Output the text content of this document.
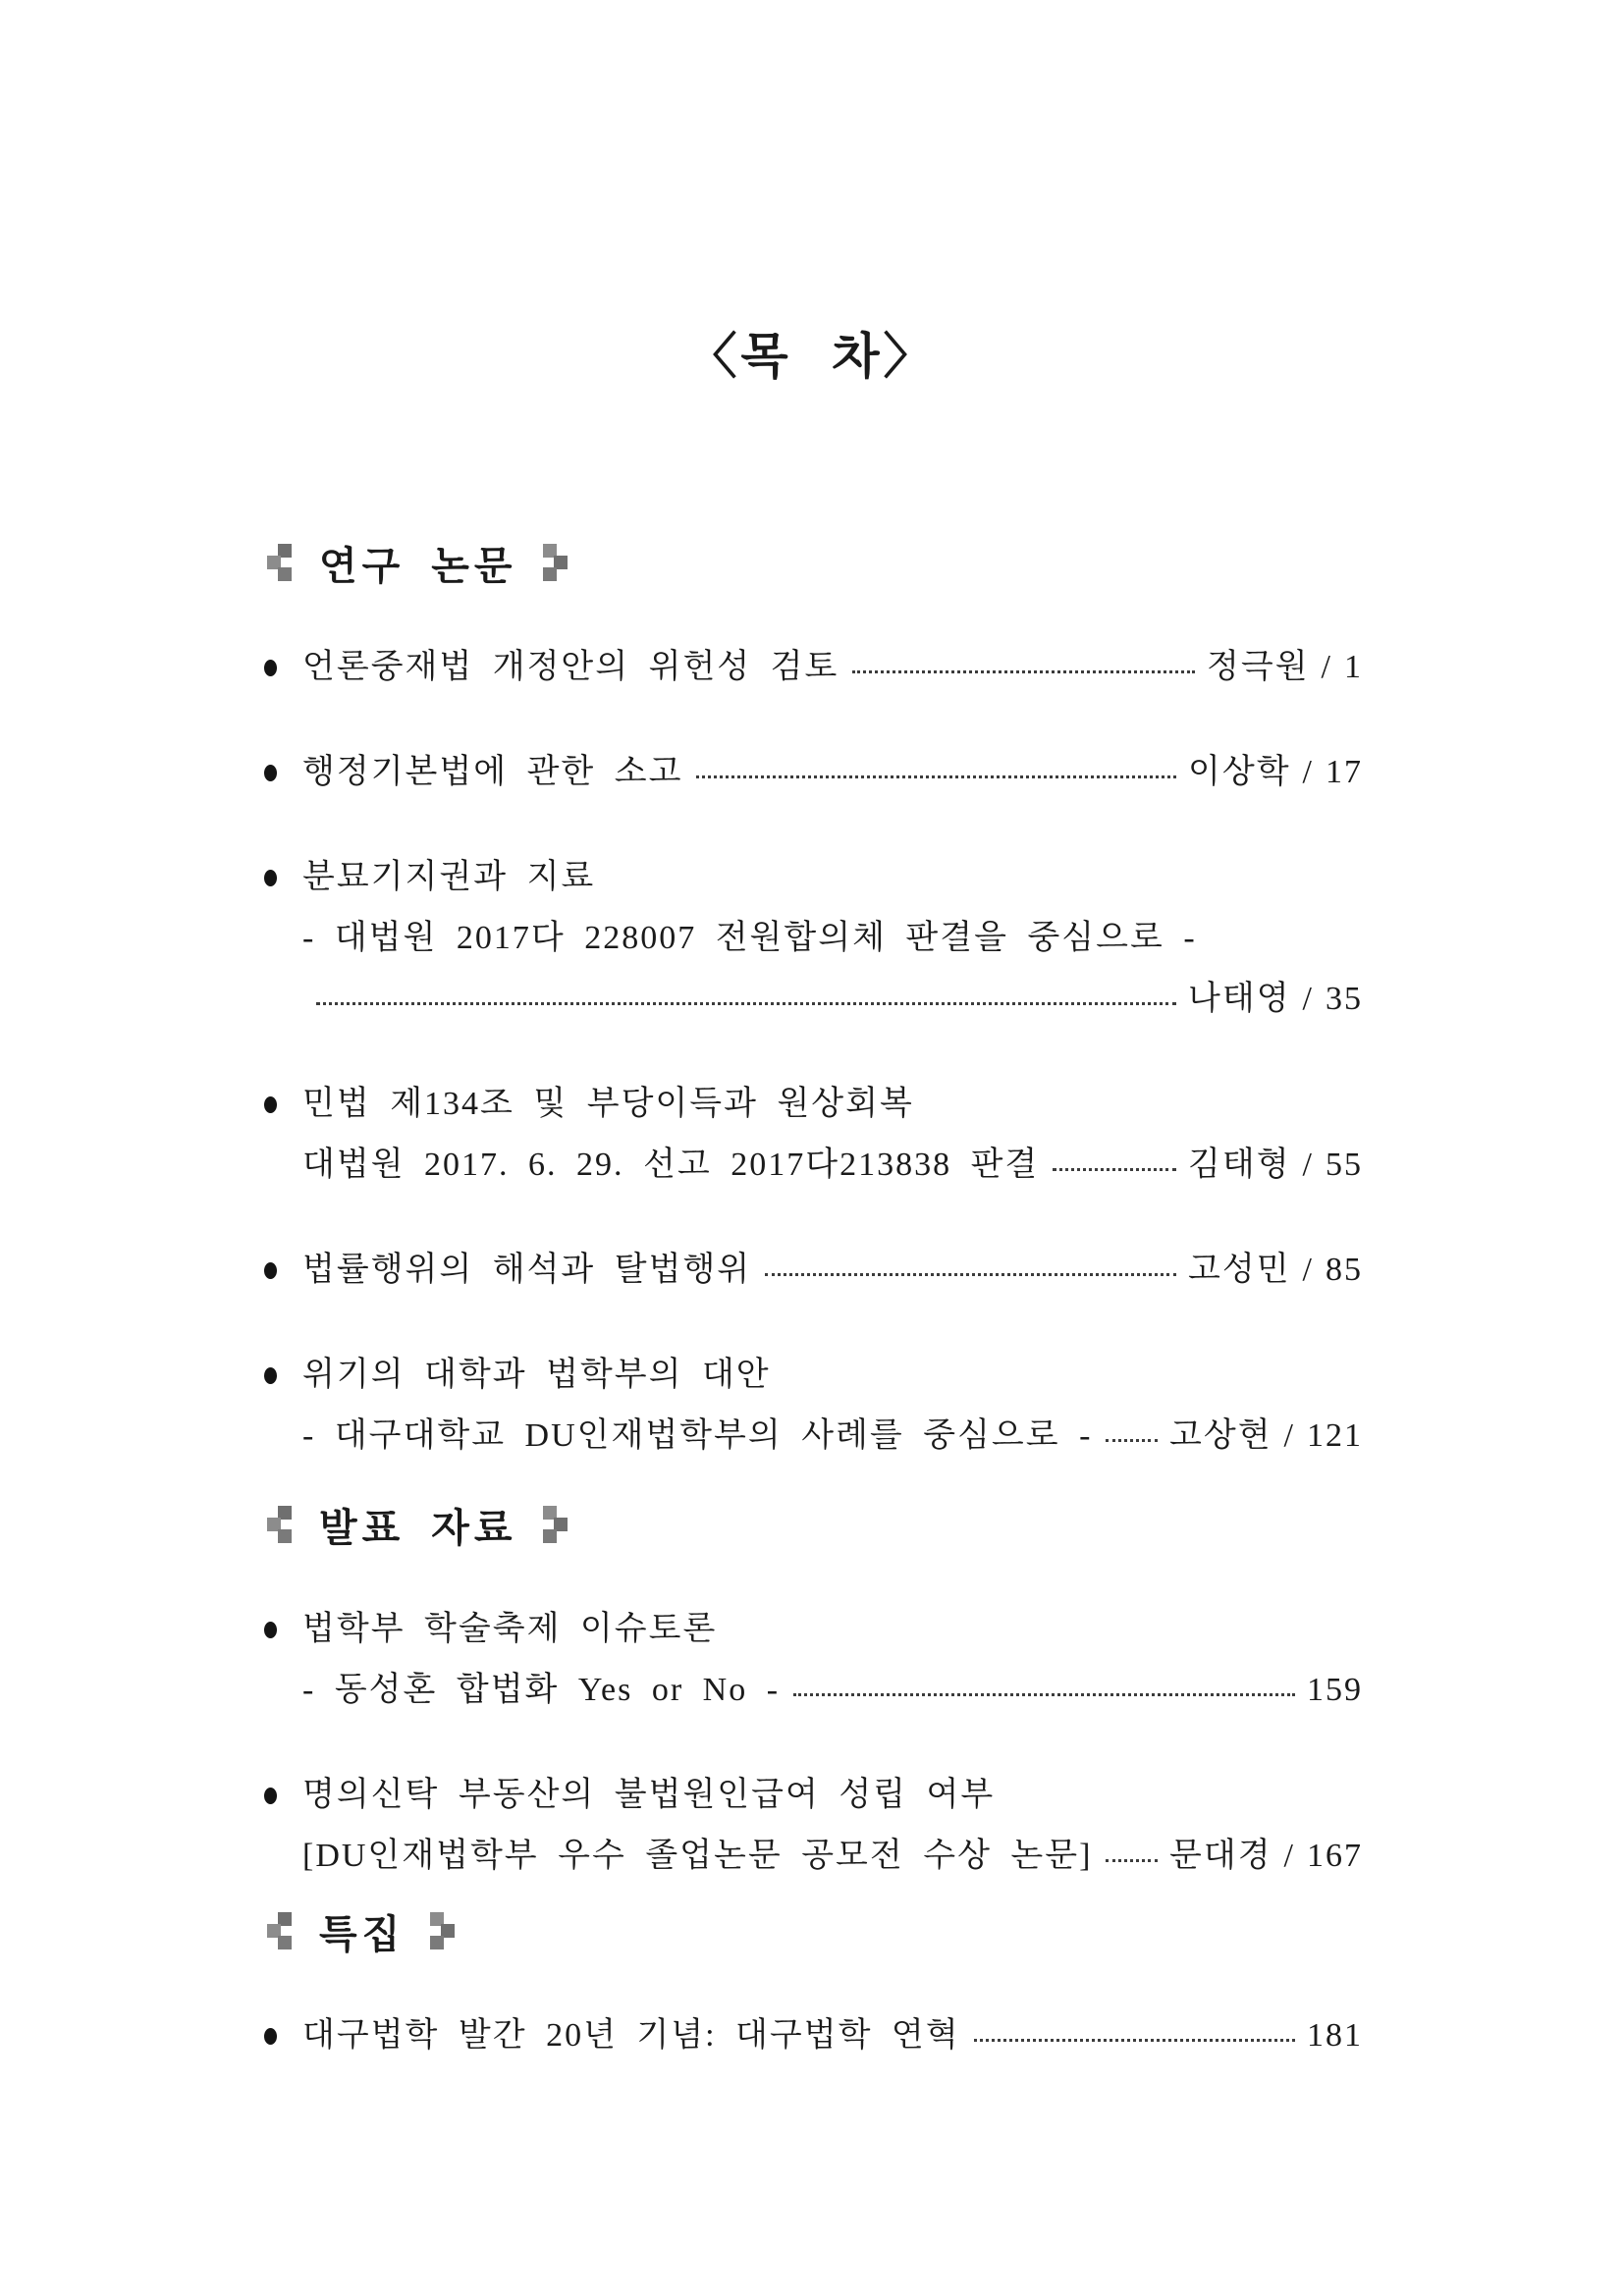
〈목 차〉
연구 논문
언론중재법 개정안의 위헌성 검토	정극원 / 1
행정기본법에 관한 소고	이상학 / 17
분묘기지권과 지료
- 대법원 2017다 228007 전원합의체 판결을 중심으로 -
나태영 / 35
민법 제134조 및 부당이득과 원상회복
대법원 2017. 6. 29. 선고 2017다213838 판결	김태형 / 55
법률행위의 해석과 탈법행위	고성민 / 85
위기의 대학과 법학부의 대안
- 대구대학교 DU인재법학부의 사례를 중심으로 - 고상현 / 121
발표 자료
법학부 학술축제 이슈토론
- 동성혼 합법화 Yes or No -	159
명의신탁 부동산의 불법원인급여 성립 여부
[DU인재법학부 우수 졸업논문 공모전 수상 논문] 문대경 / 167
특집
대구법학 발간 20년 기념: 대구법학 연혁	181
